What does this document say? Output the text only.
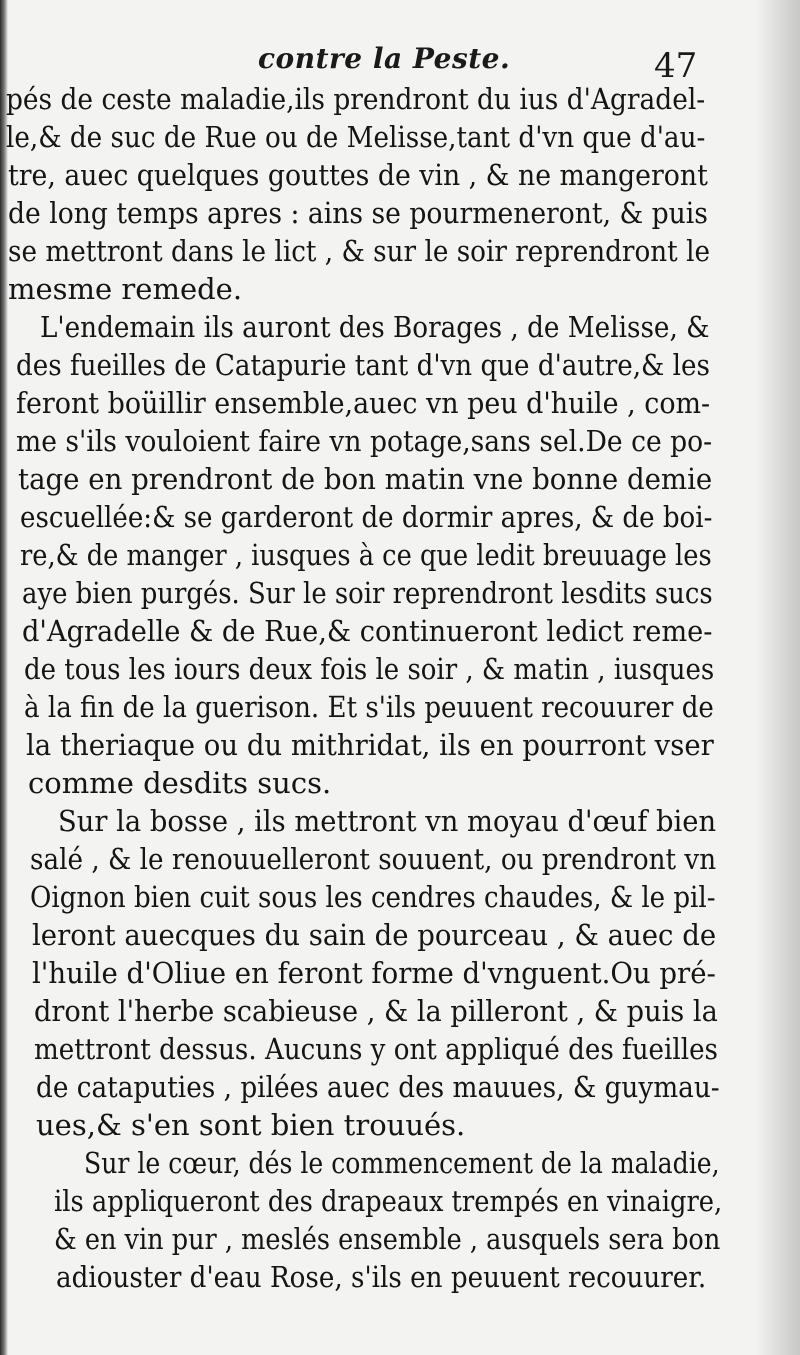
contre la Peste.	47
pés de ceste maladie,ils prendront du ius d'Agradel-
le,& de suc de Rue ou de Melisse,tant d'vn que d'au-
tre, auec quelques gouttes de vin , & ne mangeront
de long temps apres : ains se pourmeneront, & puis
se mettront dans le lict , & sur le soir reprendront le
mesme remede.
L'endemain ils auront des Borages , de Melisse, &
des fueilles de Catapurie tant d'vn que d'autre,& les
feront boüillir ensemble,auec vn peu d'huile , com-
me s'ils vouloient faire vn potage,sans sel.De ce po-
tage en prendront de bon matin vne bonne demie
escuellée:& se garderont de dormir apres, & de boi-
re,& de manger , iusques à ce que ledit breuuage les
aye bien purgés. Sur le soir reprendront lesdits sucs
d'Agradelle & de Rue,& continueront ledict reme-
de tous les iours deux fois le soir , & matin , iusques
à la fin de la guerison. Et s'ils peuuent recouurer de
la theriaque ou du mithridat, ils en pourront vser
comme desdits sucs.
Sur la bosse , ils mettront vn moyau d'œuf bien
salé , & le renouuelleront souuent, ou prendront vn
Oignon bien cuit sous les cendres chaudes, & le pil-
leront auecques du sain de pourceau , & auec de
l'huile d'Oliue en feront forme d'vnguent.Ou pré-
dront l'herbe scabieuse , & la pilleront , & puis la
mettront dessus. Aucuns y ont appliqué des fueilles
de cataputies , pilées auec des mauues, & guymau-
ues,& s'en sont bien trouués.
Sur le cœur, dés le commencement de la maladie,
ils appliqueront des drapeaux trempés en vinaigre,
& en vin pur , meslés ensemble , ausquels sera bon
adiouster d'eau Rose, s'ils en peuuent recouurer.
